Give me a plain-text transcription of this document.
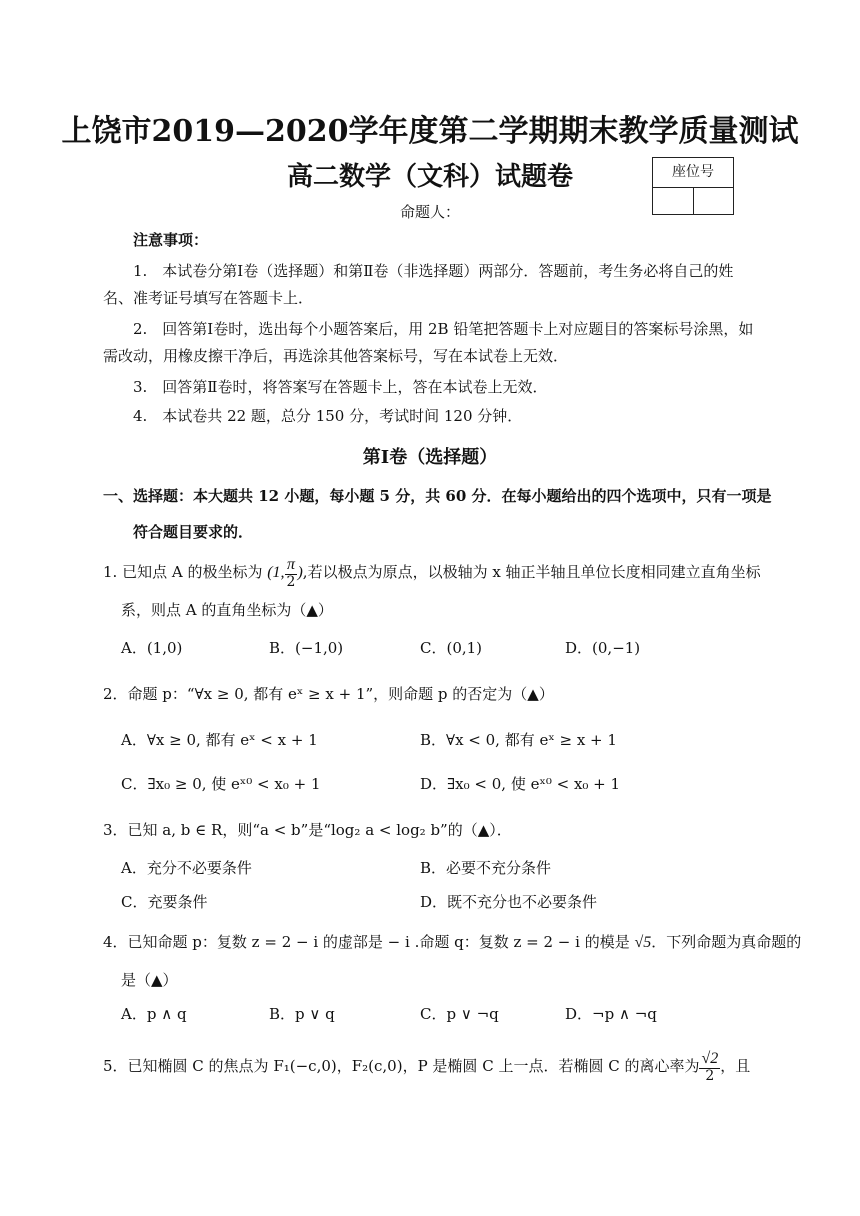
上饶市2019—2020学年度第二学期期末教学质量测试
高二数学（文科）试题卷
命题人：
座位号
注意事项：
1.　本试卷分第Ⅰ卷（选择题）和第Ⅱ卷（非选择题）两部分．答题前，考生务必将自己的姓
名、准考证号填写在答题卡上．
2.　回答第Ⅰ卷时，选出每个小题答案后，用 2B 铅笔把答题卡上对应题目的答案标号涂黑，如
需改动，用橡皮擦干净后，再选涂其他答案标号，写在本试卷上无效．
3.　回答第Ⅱ卷时，将答案写在答题卡上，答在本试卷上无效．
4.　本试卷共 22 题，总分 150 分，考试时间 120 分钟．
第Ⅰ卷（选择题）
一、选择题：本大题共 12 小题，每小题 5 分，共 60 分．在每小题给出的四个选项中，只有一项是
符合题目要求的．
1. 已知点 A 的极坐标为 (1, $\frac{\pi}{2}$ ),若以极点为原点，以极轴为 x 轴正半轴且单位长度相同建立直角坐标
系，则点 A 的直角坐标为（▲）
A．(1,0)	B．(−1,0)	C．(0,1)	D．(0,−1)
2．命题 p：“∀x ≥ 0, 都有 eˣ ≥ x + 1”，则命题 p 的否定为（▲）
A．∀x ≥ 0, 都有 eˣ < x + 1	B．∀x < 0, 都有 eˣ ≥ x + 1
C．∃x₀ ≥ 0, 使 eˣ⁰ < x₀ + 1	D．∃x₀ < 0, 使 eˣ⁰ < x₀ + 1
3．已知 a, b ∈ R，则“a < b”是“log₂ a < log₂ b”的（▲）．
A．充分不必要条件	B．必要不充分条件
C．充要条件	D．既不充分也不必要条件
4．已知命题 p：复数 z = 2 − i 的虚部是 − i .命题 q：复数 z = 2 − i 的模是 √5．下列命题为真命题的
是（▲）
A．p ∧ q	B．p ∨ q	C．p ∨ ¬q	D．¬p ∧ ¬q
5．已知椭圆 C 的焦点为 F₁(−c,0)，F₂(c,0)，P 是椭圆 C 上一点．若椭圆 C 的离心率为 $\frac{√2}{2}$ ，且
